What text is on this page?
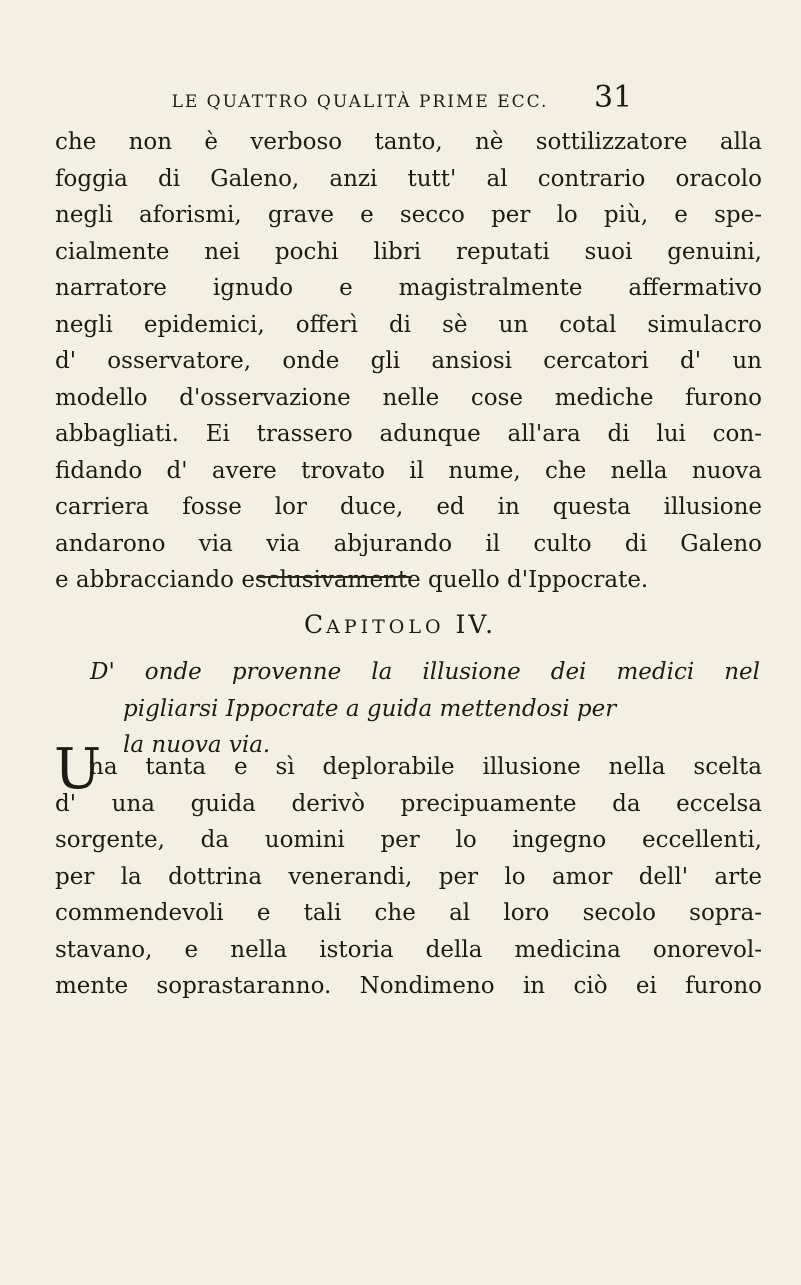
LE QUATTRO QUALITÀ PRIME ECC.	31
che non è verboso tanto, nè sottilizzatore alla
foggia di Galeno, anzi tutt' al contrario oracolo
negli aforismi, grave e secco per lo più, e spe-
cialmente nei pochi libri reputati suoi genuini,
narratore ignudo e magistralmente affermativo
negli epidemici, offerì di sè un cotal simulacro
d' osservatore, onde gli ansiosi cercatori d' un
modello d'osservazione nelle cose mediche furono
abbagliati. Ei trassero adunque all'ara di lui con-
fidando d' avere trovato il nume, che nella nuova
carriera fosse lor duce, ed in questa illusione
andarono via via abjurando il culto di Galeno
e abbracciando esclusivamente quello d'Ippocrate.
CAPITOLO IV.
D' onde provenne la illusione dei medici nel
pigliarsi Ippocrate a guida mettendosi per
la nuova via.
U
na tanta e sì deplorabile illusione nella scelta
d' una guida derivò precipuamente da eccelsa
sorgente, da uomini per lo ingegno eccellenti,
per la dottrina venerandi, per lo amor dell' arte
commendevoli e tali che al loro secolo sopra-
stavano, e nella istoria della medicina onorevol-
mente soprastaranno. Nondimeno in ciò ei furono
